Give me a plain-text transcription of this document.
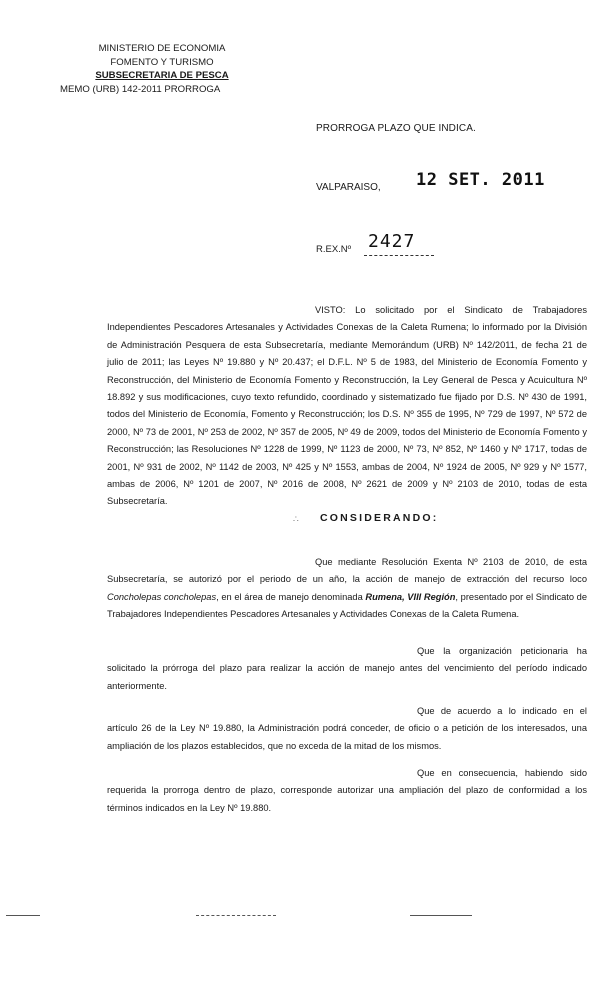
MINISTERIO DE ECONOMIA
FOMENTO Y TURISMO
SUBSECRETARIA DE PESCA
MEMO (URB) 142-2011 PRORROGA
PRORROGA PLAZO QUE INDICA.
VALPARAISO, 12 SET. 2011
R.EX.Nº 2427
VISTO: Lo solicitado por el Sindicato de Trabajadores Independientes Pescadores Artesanales y Actividades Conexas de la Caleta Rumena; lo informado por la División de Administración Pesquera de esta Subsecretaría, mediante Memorándum (URB) Nº 142/2011, de fecha 21 de julio de 2011; las Leyes Nº 19.880 y Nº 20.437; el D.F.L. Nº 5 de 1983, del Ministerio de Economía Fomento y Reconstrucción, del Ministerio de Economía Fomento y Reconstrucción, la Ley General de Pesca y Acuicultura Nº 18.892 y sus modificaciones, cuyo texto refundido, coordinado y sistematizado fue fijado por D.S. Nº 430 de 1991, todos del Ministerio de Economía, Fomento y Reconstrucción; los D.S. Nº 355 de 1995, Nº 729 de 1997, Nº 572 de 2000, Nº 73 de 2001, Nº 253 de 2002, Nº 357 de 2005, Nº 49 de 2009, todos del Ministerio de Economía Fomento y Reconstrucción; las Resoluciones Nº 1228 de 1999, Nº 1123 de 2000, Nº 73, Nº 852, Nº 1460 y Nº 1717, todas de 2001, Nº 931 de 2002, Nº 1142 de 2003, Nº 425 y Nº 1553, ambas de 2004, Nº 1924 de 2005, Nº 929 y Nº 1577, ambas de 2006, Nº 1201 de 2007, Nº 2016 de 2008, Nº 2621 de 2009 y Nº 2103 de 2010, todas de esta Subsecretaría.
∴ CONSIDERANDO:
Que mediante Resolución Exenta Nº 2103 de 2010, de esta Subsecretaría, se autorizó por el periodo de un año, la acción de manejo de extracción del recurso loco Concholepas concholepas, en el área de manejo denominada Rumena, VIII Región, presentado por el Sindicato de Trabajadores Independientes Pescadores Artesanales y Actividades Conexas de la Caleta Rumena.
Que la organización peticionaria ha solicitado la prórroga del plazo para realizar la acción de manejo antes del vencimiento del período indicado anteriormente.
Que de acuerdo a lo indicado en el artículo 26 de la Ley Nº 19.880, la Administración podrá conceder, de oficio o a petición de los interesados, una ampliación de los plazos establecidos, que no exceda de la mitad de los mismos.
Que en consecuencia, habiendo sido requerida la prorroga dentro de plazo, corresponde autorizar una ampliación del plazo de conformidad a los términos indicados en la Ley Nº 19.880.
